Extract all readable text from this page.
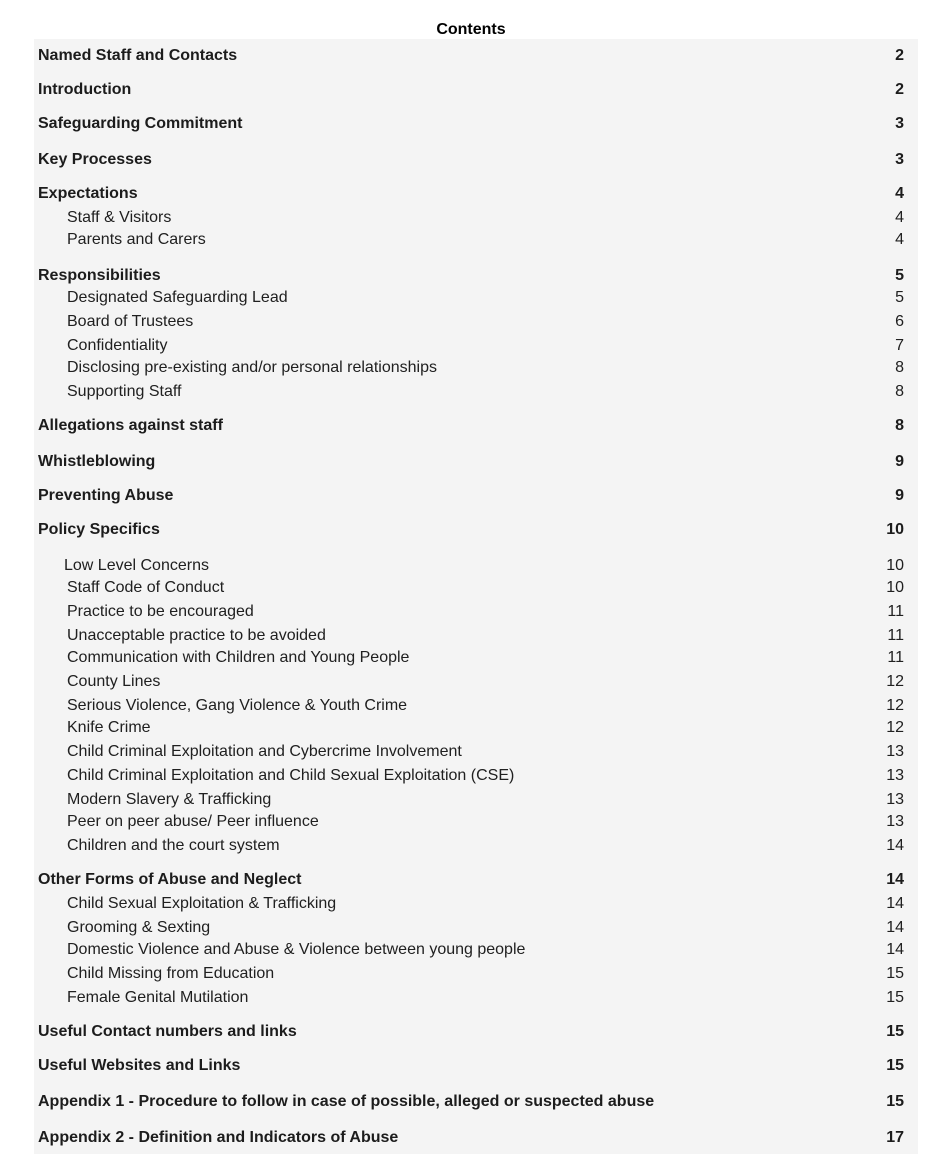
Contents
Named Staff and Contacts	2
Introduction	2
Safeguarding Commitment	3
Key Processes	3
Expectations	4
Staff & Visitors	4
Parents and Carers	4
Responsibilities	5
Designated Safeguarding Lead	5
Board of Trustees	6
Confidentiality	7
Disclosing pre-existing and/or personal relationships	8
Supporting Staff	8
Allegations against staff	8
Whistleblowing	9
Preventing Abuse	9
Policy Specifics	10
Low Level Concerns	10
Staff Code of Conduct	10
Practice to be encouraged	11
Unacceptable practice to be avoided	11
Communication with Children and Young People	11
County Lines	12
Serious Violence, Gang Violence & Youth Crime	12
Knife Crime	12
Child Criminal Exploitation and Cybercrime Involvement	13
Child Criminal Exploitation and Child Sexual Exploitation (CSE)	13
Modern Slavery & Trafficking	13
Peer on peer abuse/ Peer influence	13
Children and the court system	14
Other Forms of Abuse and Neglect	14
Child Sexual Exploitation & Trafficking	14
Grooming & Sexting	14
Domestic Violence and Abuse & Violence between young people	14
Child Missing from Education	15
Female Genital Mutilation	15
Useful Contact numbers and links	15
Useful Websites and Links	15
Appendix 1 - Procedure to follow in case of possible, alleged or suspected abuse	15
Appendix 2 - Definition and Indicators of Abuse	17
